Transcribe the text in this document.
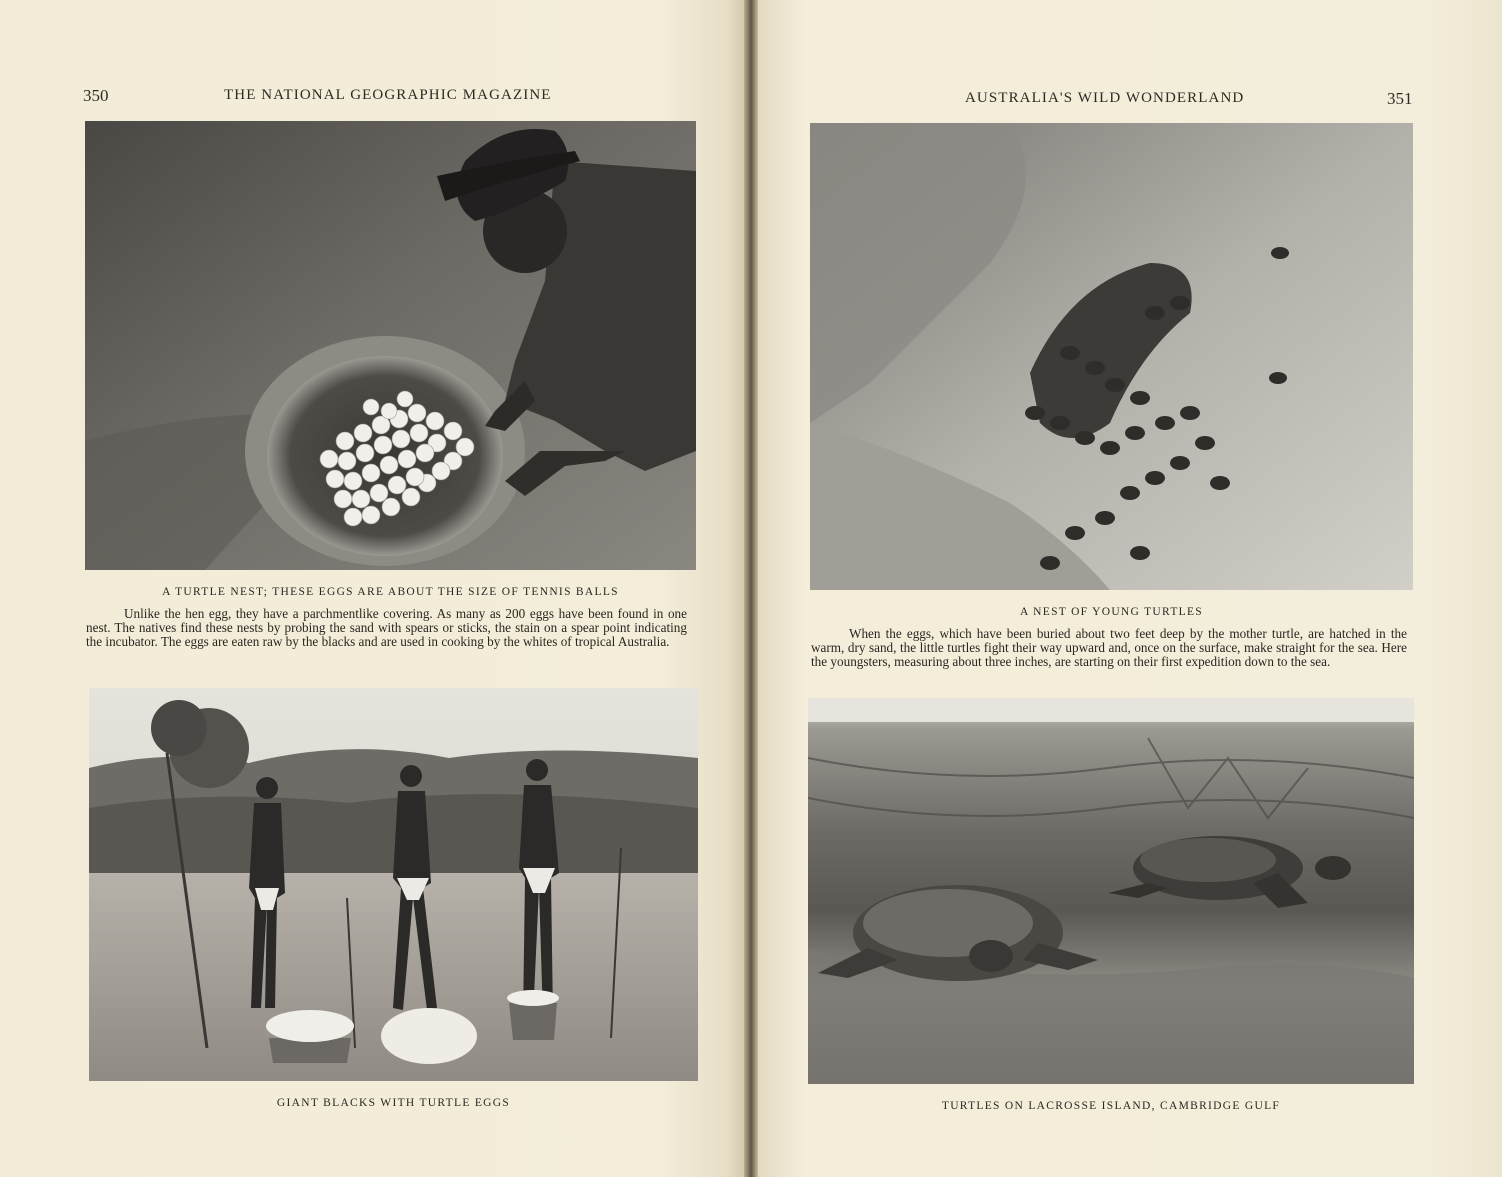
350	THE NATIONAL GEOGRAPHIC MAGAZINE
A TURTLE NEST; THESE EGGS ARE ABOUT THE SIZE OF TENNIS BALLS
Unlike the hen egg, they have a parchmentlike covering. As many as 200 eggs have been found in one nest. The natives find these nests by probing the sand with spears or sticks, the stain on a spear point indicating the incubator. The eggs are eaten raw by the blacks and are used in cooking by the whites of tropical Australia.
GIANT BLACKS WITH TURTLE EGGS
AUSTRALIA'S WILD WONDERLAND	351
A NEST OF YOUNG TURTLES
When the eggs, which have been buried about two feet deep by the mother turtle, are hatched in the warm, dry sand, the little turtles fight their way upward and, once on the surface, make straight for the sea. Here the youngsters, measuring about three inches, are starting on their first expedition down to the sea.
TURTLES ON LACROSSE ISLAND, CAMBRIDGE GULF
